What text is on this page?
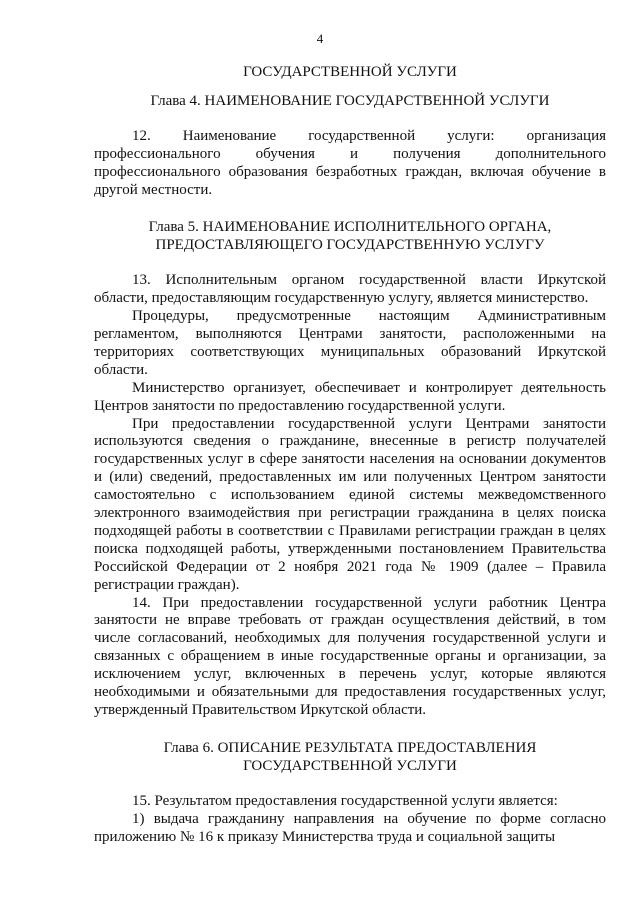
4

ГОСУДАРСТВЕННОЙ УСЛУГИ

Глава 4. НАИМЕНОВАНИЕ ГОСУДАРСТВЕННОЙ УСЛУГИ

12. Наименование государственной услуги: организация профессионального обучения и получения дополнительного профессионального образования безработных граждан, включая обучение в другой местности.

Глава 5. НАИМЕНОВАНИЕ ИСПОЛНИТЕЛЬНОГО ОРГАНА,

ПРЕДОСТАВЛЯЮЩЕГО ГОСУДАРСТВЕННУЮ УСЛУГУ

13. Исполнительным органом государственной власти Иркутской области, предоставляющим государственную услугу, является министерство.

Процедуры, предусмотренные настоящим Административным регламентом, выполняются Центрами занятости, расположенными на территориях соответствующих муниципальных образований Иркутской области.

Министерство организует, обеспечивает и контролирует деятельность Центров занятости по предоставлению государственной услуги.

При предоставлении государственной услуги Центрами занятости используются сведения о гражданине, внесенные в регистр получателей государственных услуг в сфере занятости населения на основании документов и (или) сведений, предоставленных им или полученных Центром занятости самостоятельно с использованием единой системы межведомственного электронного взаимодействия при регистрации гражданина в целях поиска подходящей работы в соответствии с Правилами регистрации граждан в целях поиска подходящей работы, утвержденными постановлением Правительства Российской Федерации от 2 ноября 2021 года № 1909 (далее – Правила регистрации граждан).

14. При предоставлении государственной услуги работник Центра занятости не вправе требовать от граждан осуществления действий, в том числе согласований, необходимых для получения государственной услуги и связанных с обращением в иные государственные органы и организации, за исключением услуг, включенных в перечень услуг, которые являются необходимыми и обязательными для предоставления государственных услуг, утвержденный Правительством Иркутской области.

Глава 6. ОПИСАНИЕ РЕЗУЛЬТАТА ПРЕДОСТАВЛЕНИЯ

ГОСУДАРСТВЕННОЙ УСЛУГИ

15. Результатом предоставления государственной услуги является:

1) выдача гражданину направления на обучение по форме согласно приложению № 16 к приказу Министерства труда и социальной защиты
